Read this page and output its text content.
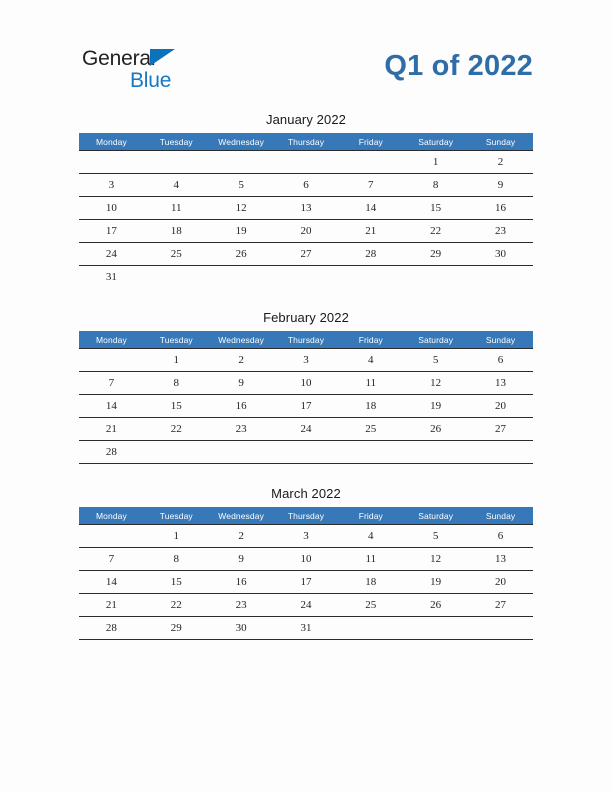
General
Blue	Q1 of 2022
January 2022
Monday	Tuesday	Wednesday	Thursday	Friday	Saturday	Sunday
					1	2
3	4	5	6	7	8	9
10	11	12	13	14	15	16
17	18	19	20	21	22	23
24	25	26	27	28	29	30
31						
February 2022
Monday	Tuesday	Wednesday	Thursday	Friday	Saturday	Sunday
	1	2	3	4	5	6
7	8	9	10	11	12	13
14	15	16	17	18	19	20
21	22	23	24	25	26	27
28						
March 2022
Monday	Tuesday	Wednesday	Thursday	Friday	Saturday	Sunday
	1	2	3	4	5	6
7	8	9	10	11	12	13
14	15	16	17	18	19	20
21	22	23	24	25	26	27
28	29	30	31			
